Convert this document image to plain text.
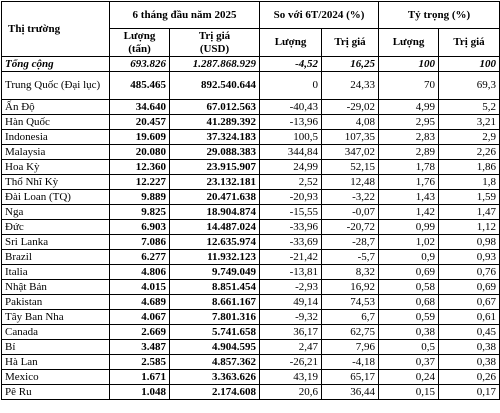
Thị trường	6 tháng đầu năm 2025		So với 6T/2024 (%)		Tỷ trọng (%)	
	Lượng (tấn)	Trị giá (USD)	Lượng	Trị giá	Lượng	Trị giá
Tổng cộng	693.826	1.287.868.929	-4,52	16,25	100	100
Trung Quốc (Đại lục)	485.465	892.540.644	0	24,33	70	69,3
Ấn Độ	34.640	67.012.563	-40,43	-29,02	4,99	5,2
Hàn Quốc	20.457	41.289.392	-13,96	4,08	2,95	3,21
Indonesia	19.609	37.324.183	100,5	107,35	2,83	2,9
Malaysia	20.080	29.088.383	344,84	347,02	2,89	2,26
Hoa Kỳ	12.360	23.915.907	24,99	52,15	1,78	1,86
Thổ Nhĩ Kỳ	12.227	23.132.181	2,52	12,48	1,76	1,8
Đài Loan (TQ)	9.889	20.471.638	-20,93	-3,22	1,43	1,59
Nga	9.825	18.904.874	-15,55	-0,07	1,42	1,47
Đức	6.903	14.487.024	-33,96	-20,72	0,99	1,12
Sri Lanka	7.086	12.635.974	-33,69	-28,7	1,02	0,98
Brazil	6.277	11.932.123	-21,42	-5,7	0,9	0,93
Italia	4.806	9.749.049	-13,81	8,32	0,69	0,76
Nhật Bản	4.015	8.851.454	-2,93	16,92	0,58	0,69
Pakistan	4.689	8.661.167	49,14	74,53	0,68	0,67
Tây Ban Nha	4.067	7.801.316	-9,32	6,7	0,59	0,61
Canada	2.669	5.741.658	36,17	62,75	0,38	0,45
Bỉ	3.487	4.904.595	2,47	7,96	0,5	0,38
Hà Lan	2.585	4.857.362	-26,21	-4,18	0,37	0,38
Mexico	1.671	3.363.626	43,19	65,17	0,24	0,26
Pê Ru	1.048	2.174.608	20,6	36,44	0,15	0,17
